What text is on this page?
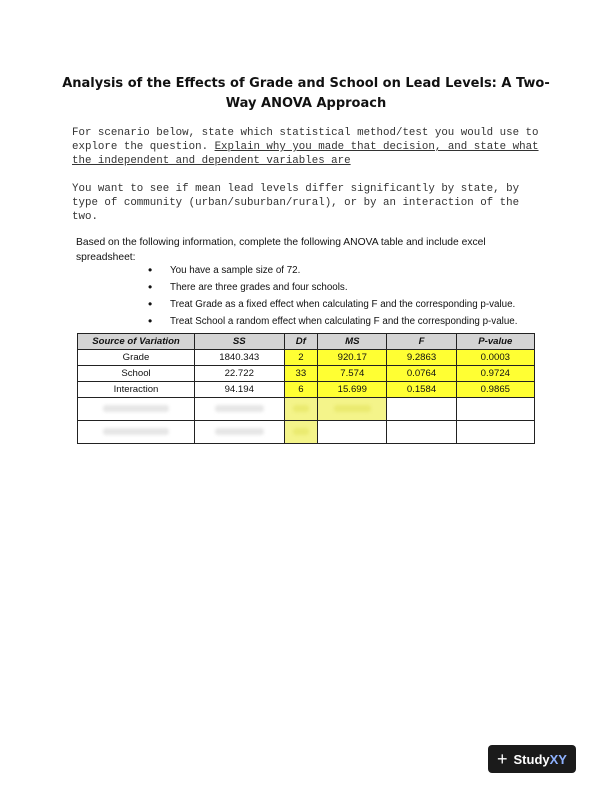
Analysis of the Effects of Grade and School on Lead Levels: A Two-Way ANOVA Approach
For scenario below, state which statistical method/test you would use to explore the question. Explain why you made that decision, and state what the independent and dependent variables are
You want to see if mean lead levels differ significantly by state, by type of community (urban/suburban/rural), or by an interaction of the two.
Based on the following information, complete the following ANOVA table and include excel spreadsheet:
• You have a sample size of 72.
• There are three grades and four schools.
• Treat Grade as a fixed effect when calculating F and the corresponding p-value.
• Treat School a random effect when calculating F and the corresponding p-value.
Source of Variation	SS	Df	MS	F	P-value
Grade	1840.343	2	920.17	9.2863	0.0003
School	22.722	33	7.574	0.0764	0.9724
Interaction	94.194	6	15.699	0.1584	0.9865

+ StudyXY
